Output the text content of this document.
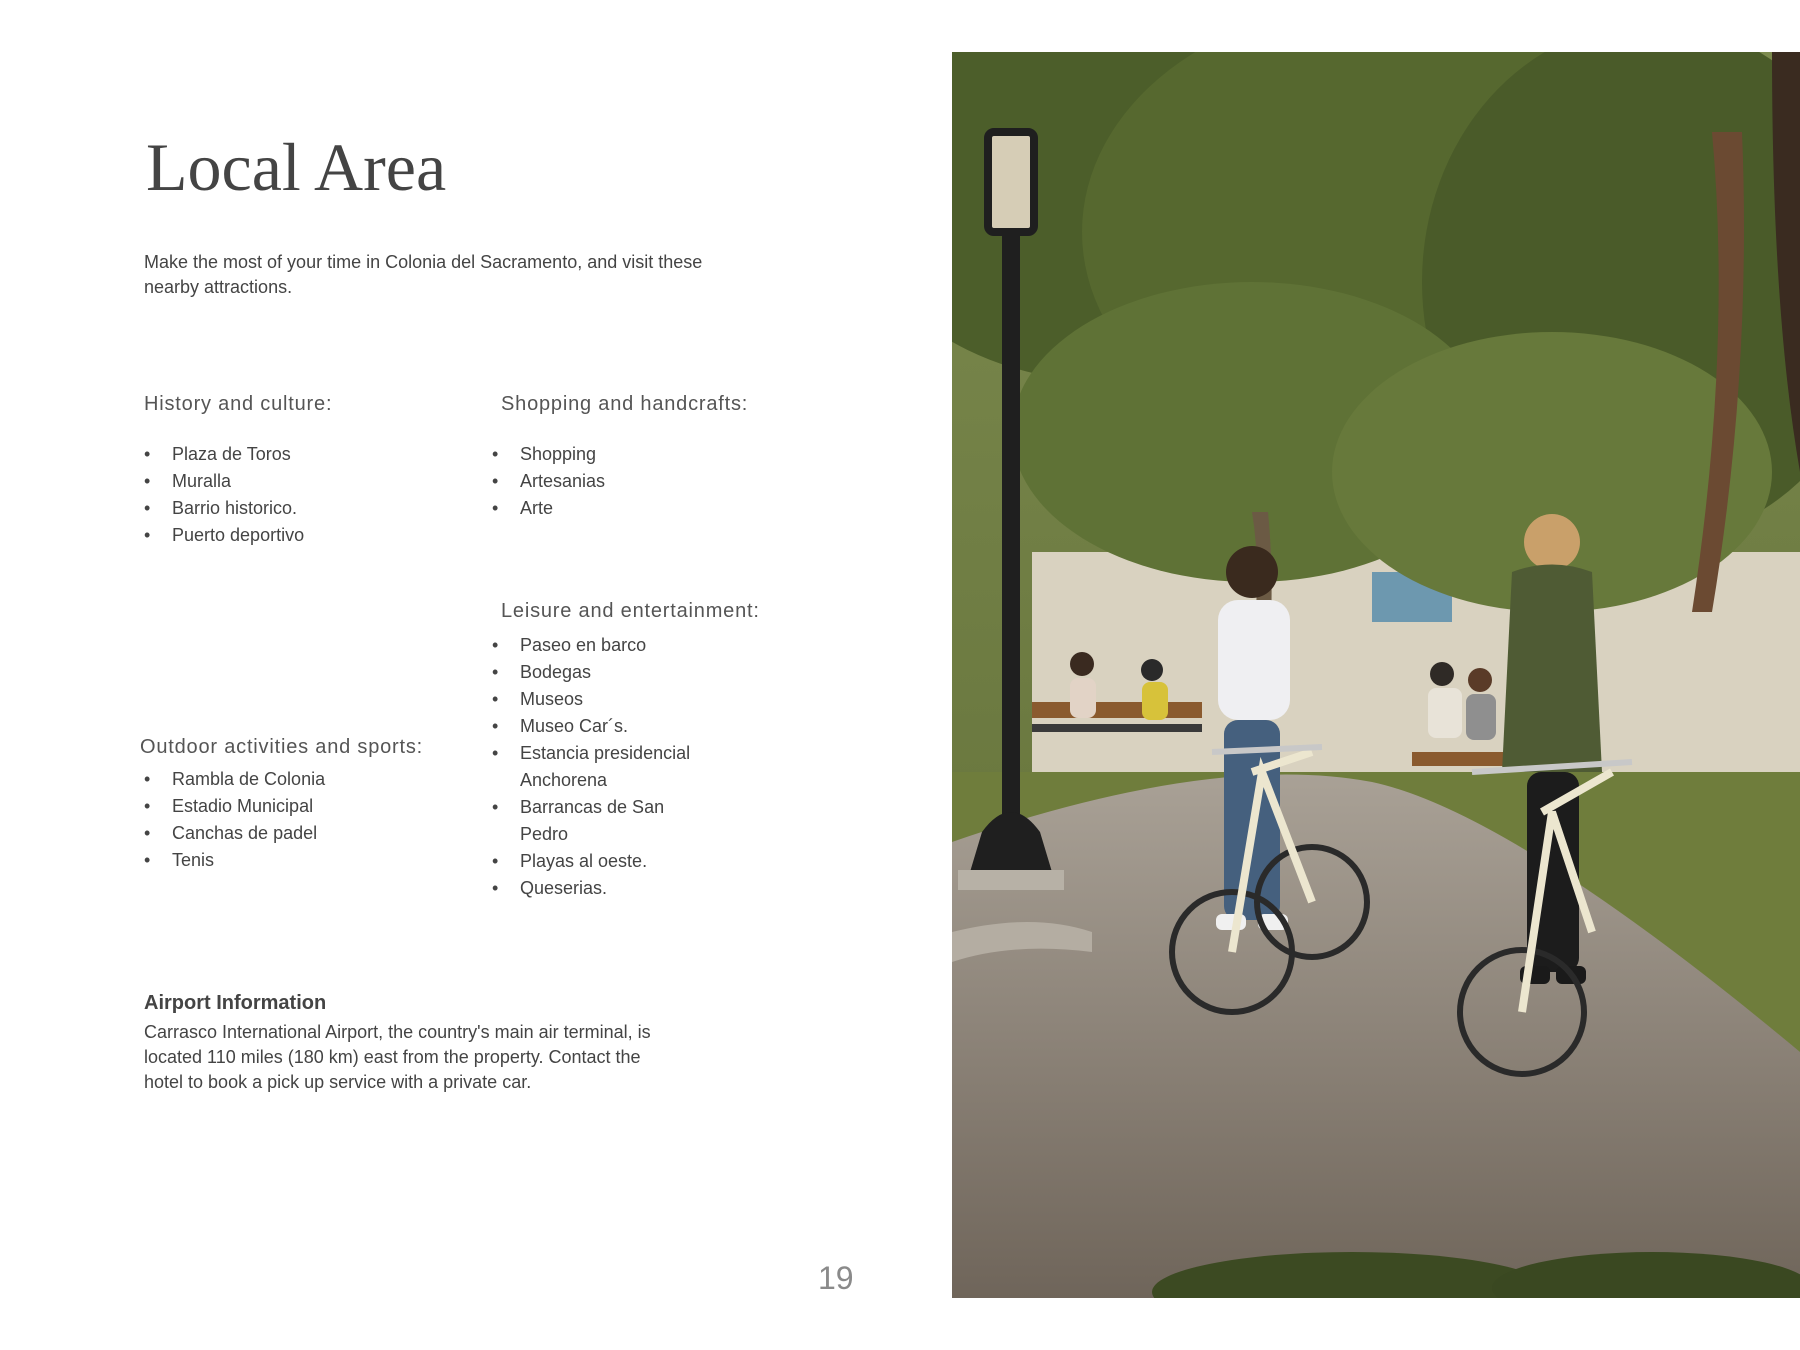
Local Area

Make the most of your time in Colonia del Sacramento, and visit these nearby attractions.

History and culture:
• Plaza de Toros
• Muralla
• Barrio historico.
• Puerto deportivo
Shopping and handcrafts:
• Shopping
• Artesanias
• Arte
Leisure and entertainment:
• Paseo en barco
• Bodegas
• Museos
• Museo Car´s.
• Estancia presidencial Anchorena
• Barrancas de San Pedro
• Playas al oeste.
• Queserias.
Outdoor activities and sports:
• Rambla de Colonia
• Estadio Municipal
• Canchas de padel
• Tenis
Airport Information

Carrasco International Airport, the country's main air terminal, is located 110 miles (180 km) east from the property. Contact the hotel to book a pick up service with a private car.

19
